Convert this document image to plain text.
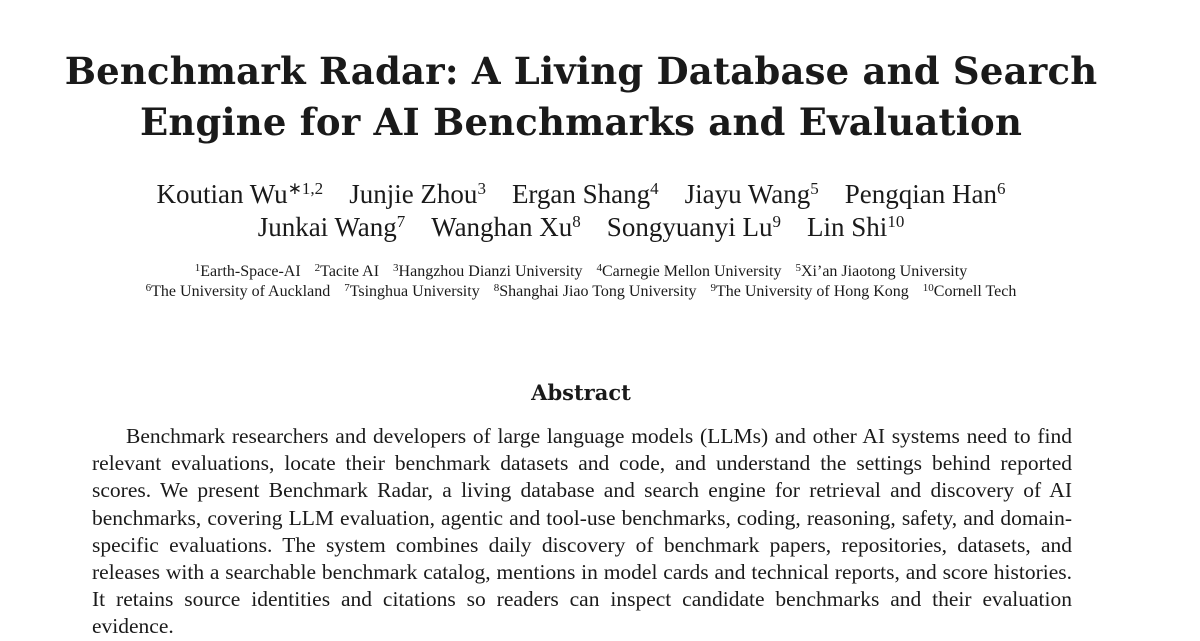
Benchmark Radar: A Living Database and Search
Engine for AI Benchmarks and Evaluation
Koutian $Wu^{∗1,2}$ Junjie Zhou$^3$ Ergan Shang$^4$ Jiayu Wang$^5$ Pengqian Han$^6$
Junkai Wang$^7$ Wanghan Xu$^8$ Songyuanyi Lu$^9$ Lin Shi$^{10}$
$^1$Earth-Space-AI $^2$Tacite AI $^3$Hangzhou Dianzi University $^4$Carnegie Mellon University $^5$Xi’an Jiaotong University
$^6$The University of Auckland $^7$Tsinghua University $^8$Shanghai Jiao Tong University $^9$The University of Hong Kong $^{10}$Cornell Tech
Abstract
Benchmark researchers and developers of large language models (LLMs) and other AI systems need to find relevant evaluations, locate their benchmark datasets and code, and understand the settings behind reported scores. We present Benchmark Radar, a living database and search engine for retrieval and discovery of AI benchmarks, covering LLM evaluation, agentic and tool-use benchmarks, coding, reasoning, safety, and domain-specific evaluations. The system combines daily discovery of benchmark papers, repositories, datasets, and releases with a searchable benchmark catalog, mentions in model cards and technical reports, and score histories. It retains source identities and citations so readers can inspect candidate benchmarks and their evaluation evidence.
